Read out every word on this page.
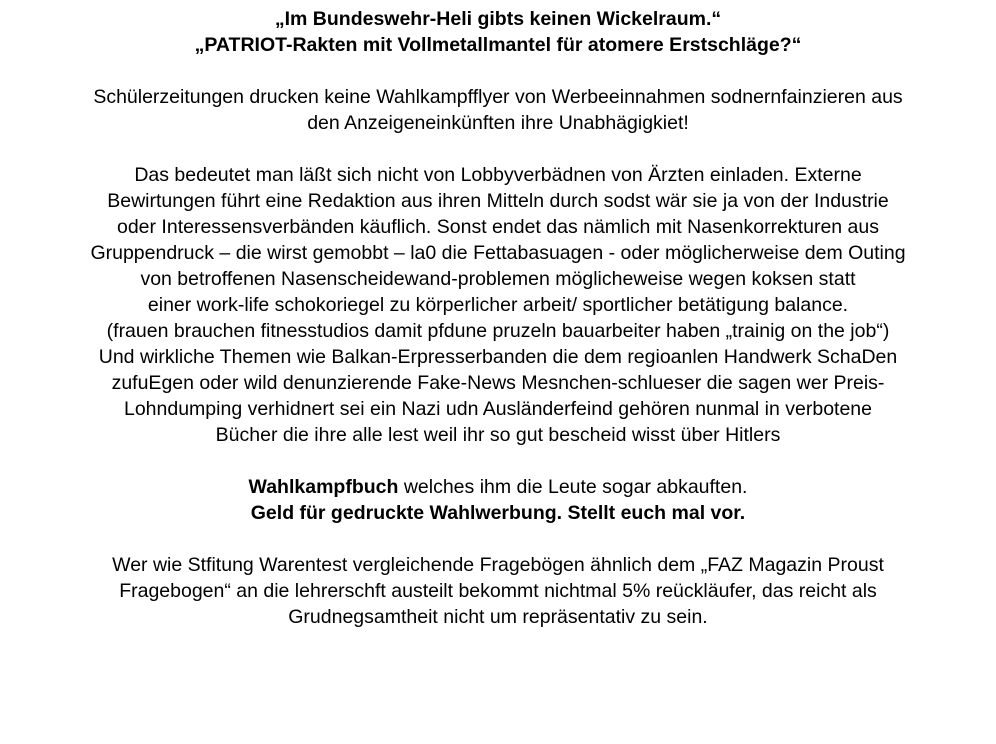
„Im Bundeswehr-Heli gibts keinen Wickelraum.“
„PATRIOT-Rakten mit Vollmetallmantel für atomere Erstschläge?“
Schülerzeitungen drucken keine Wahlkampfflyer von Werbeeinnahmen sodnernfainzieren aus
den Anzeigeneinkünften ihre Unabhägigkiet!
Das bedeutet man läßt sich nicht von Lobbyverbädnen von Ärzten einladen. Externe
Bewirtungen führt eine Redaktion aus ihren Mitteln durch sodst wär sie ja von der Industrie
oder Interessensverbänden käuflich. Sonst endet das nämlich mit Nasenkorrekturen aus
Gruppendruck – die wirst gemobbt – la0 die Fettabasuagen - oder möglicherweise dem Outing
von betroffenen Nasenscheidewand-problemen möglicheweise wegen koksen statt
einer work-life schokoriegel zu körperlicher arbeit/ sportlicher betätigung balance.
(frauen brauchen fitnesstudios damit pfdune pruzeln bauarbeiter haben „trainig on the job“)
Und wirkliche Themen wie Balkan-Erpresserbanden die dem regioanlen Handwerk SchaDen
zufuEgen oder wild denunzierende Fake-News Mesnchen-schlueser die sagen wer Preis-
Lohndumping verhidnert sei ein Nazi udn Ausländerfeind gehören nunmal in verbotene
Bücher die ihre alle lest weil ihr so gut bescheid wisst über Hitlers
Wahlkampfbuch welches ihm die Leute sogar abkauften.
Geld für gedruckte Wahlwerbung. Stellt euch mal vor.
Wer wie Stfitung Warentest vergleichende Fragebögen ähnlich dem „FAZ Magazin Proust
Fragebogen“ an die lehrerschft austeilt bekommt nichtmal 5% reückläufer, das reicht als
Grudnegsamtheit nicht um repräsentativ zu sein.
